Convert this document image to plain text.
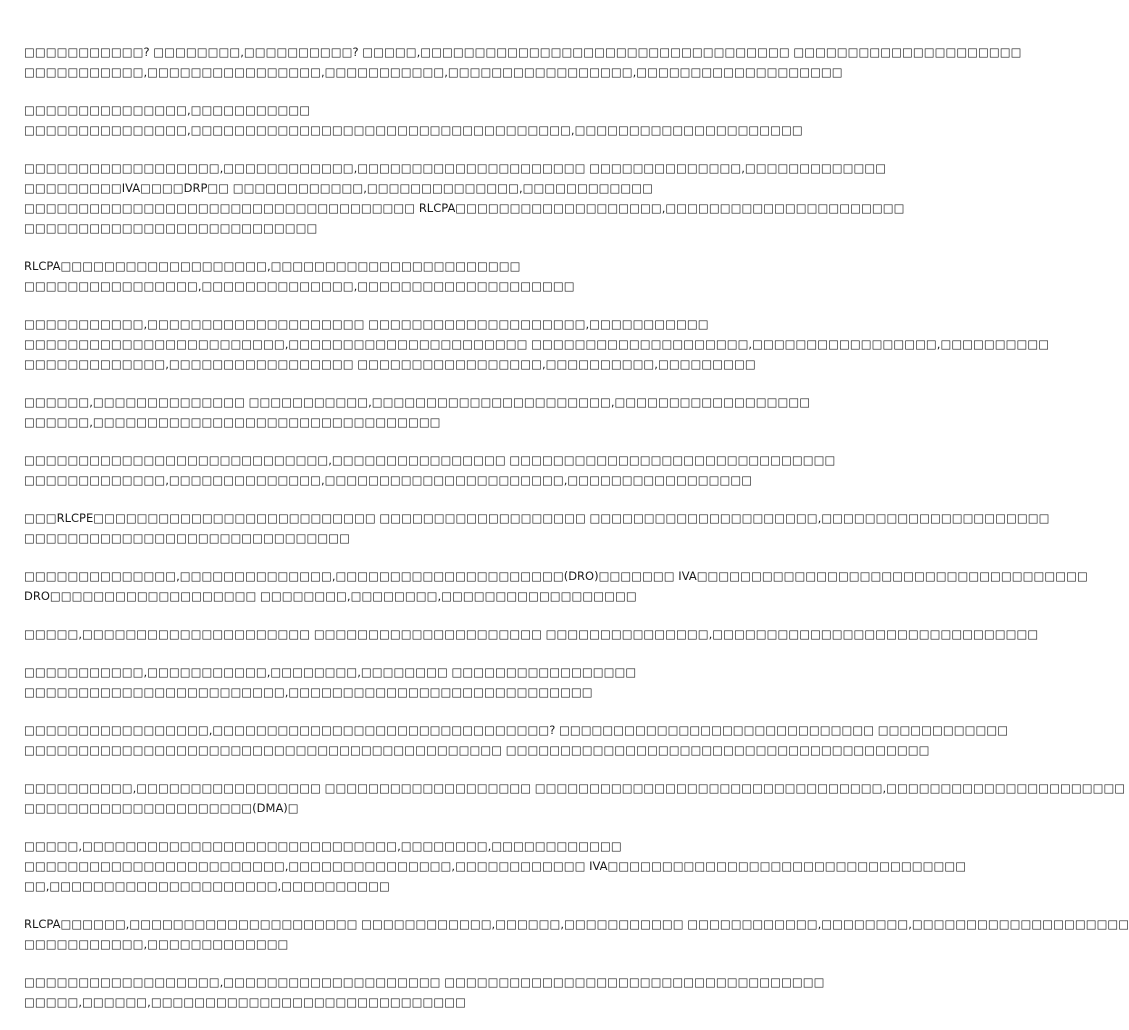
□□□□□□□□□□□? □□□□□□□□,□□□□□□□□□□? □□□□□,□□□□□□□□□□□□□□□□□□□□□□□□□□□□□□□□□□ □□□□□□□□□□□□□□□□□□□□□
□□□□□□□□□□□,□□□□□□□□□□□□□□□□,□□□□□□□□□□□,□□□□□□□□□□□□□□□□□,□□□□□□□□□□□□□□□□□□□
□□□□□□□□□□□□□□□,□□□□□□□□□□□
□□□□□□□□□□□□□□□,□□□□□□□□□□□□□□□□□□□□□□□□□□□□□□□□□□□,□□□□□□□□□□□□□□□□□□□□□
□□□□□□□□□□□□□□□□□□,□□□□□□□□□□□□,□□□□□□□□□□□□□□□□□□□□□ □□□□□□□□□□□□□□,□□□□□□□□□□□□□
□□□□□□□□□IVA□□□□DRP□□ □□□□□□□□□□□□,□□□□□□□□□□□□□□,□□□□□□□□□□□□
□□□□□□□□□□□□□□□□□□□□□□□□□□□□□□□□□□□□ RLCPA□□□□□□□□□□□□□□□□□□□,□□□□□□□□□□□□□□□□□□□□□□
□□□□□□□□□□□□□□□□□□□□□□□□□□□
RLCPA□□□□□□□□□□□□□□□□□□□,□□□□□□□□□□□□□□□□□□□□□□□
□□□□□□□□□□□□□□□□,□□□□□□□□□□□□□□,□□□□□□□□□□□□□□□□□□□□
□□□□□□□□□□□,□□□□□□□□□□□□□□□□□□□□ □□□□□□□□□□□□□□□□□□□□,□□□□□□□□□□□
□□□□□□□□□□□□□□□□□□□□□□□□,□□□□□□□□□□□□□□□□□□□□□□ □□□□□□□□□□□□□□□□□□□□,□□□□□□□□□□□□□□□□□,□□□□□□□□□□
□□□□□□□□□□□□□,□□□□□□□□□□□□□□□□□ □□□□□□□□□□□□□□□□□,□□□□□□□□□□,□□□□□□□□□
□□□□□□,□□□□□□□□□□□□□□ □□□□□□□□□□□,□□□□□□□□□□□□□□□□□□□□□□,□□□□□□□□□□□□□□□□□□
□□□□□□,□□□□□□□□□□□□□□□□□□□□□□□□□□□□□□□□
□□□□□□□□□□□□□□□□□□□□□□□□□□□□,□□□□□□□□□□□□□□□□ □□□□□□□□□□□□□□□□□□□□□□□□□□□□□□
□□□□□□□□□□□□□,□□□□□□□□□□□□□□,□□□□□□□□□□□□□□□□□□□□□□,□□□□□□□□□□□□□□□□□
□□□RLCPE□□□□□□□□□□□□□□□□□□□□□□□□□□ □□□□□□□□□□□□□□□□□□□ □□□□□□□□□□□□□□□□□□□□□,□□□□□□□□□□□□□□□□□□□□□
□□□□□□□□□□□□□□□□□□□□□□□□□□□□□□
□□□□□□□□□□□□□□,□□□□□□□□□□□□□□,□□□□□□□□□□□□□□□□□□□□□(DRO)□□□□□□□ IVA□□□□□□□□□□□□□□□□□□□□□□□□□□□□□□□□□□□□
DRO□□□□□□□□□□□□□□□□□□□ □□□□□□□□,□□□□□□□□,□□□□□□□□□□□□□□□□□□
□□□□□,□□□□□□□□□□□□□□□□□□□□□ □□□□□□□□□□□□□□□□□□□□□ □□□□□□□□□□□□□□□,□□□□□□□□□□□□□□□□□□□□□□□□□□□□□□
□□□□□□□□□□□,□□□□□□□□□□□,□□□□□□□□,□□□□□□□□ □□□□□□□□□□□□□□□□□
□□□□□□□□□□□□□□□□□□□□□□□□,□□□□□□□□□□□□□□□□□□□□□□□□□□□□
□□□□□□□□□□□□□□□□□,□□□□□□□□□□□□□□□□□□□□□□□□□□□□□□□? □□□□□□□□□□□□□□□□□□□□□□□□□□□□□ □□□□□□□□□□□□
□□□□□□□□□□□□□□□□□□□□□□□□□□□□□□□□□□□□□□□□□□□□ □□□□□□□□□□□□□□□□□□□□□□□□□□□□□□□□□□□□□□□
□□□□□□□□□□,□□□□□□□□□□□□□□□□□ □□□□□□□□□□□□□□□□□□□ □□□□□□□□□□□□□□□□□□□□□□□□□□□□□□□□,□□□□□□□□□□□□□□□□□□□□□□
□□□□□□□□□□□□□□□□□□□□□(DMA)□
□□□□□,□□□□□□□□□□□□□□□□□□□□□□□□□□□□□,□□□□□□□□,□□□□□□□□□□□□
□□□□□□□□□□□□□□□□□□□□□□□□,□□□□□□□□□□□□□□□,□□□□□□□□□□□□ IVA□□□□□□□□□□□□□□□□□□□□□□□□□□□□□□□□□
□□,□□□□□□□□□□□□□□□□□□□□□,□□□□□□□□□□
RLCPA□□□□□□,□□□□□□□□□□□□□□□□□□□□□ □□□□□□□□□□□□,□□□□□□,□□□□□□□□□□□ □□□□□□□□□□□□,□□□□□□□□,□□□□□□□□□□□□□□□□□□□□
□□□□□□□□□□□,□□□□□□□□□□□□□
□□□□□□□□□□□□□□□□□□,□□□□□□□□□□□□□□□□□□□□ □□□□□□□□□□□□□□□□□□□□□□□□□□□□□□□□□□□
□□□□□,□□□□□□,□□□□□□□□□□□□□□□□□□□□□□□□□□□□□
